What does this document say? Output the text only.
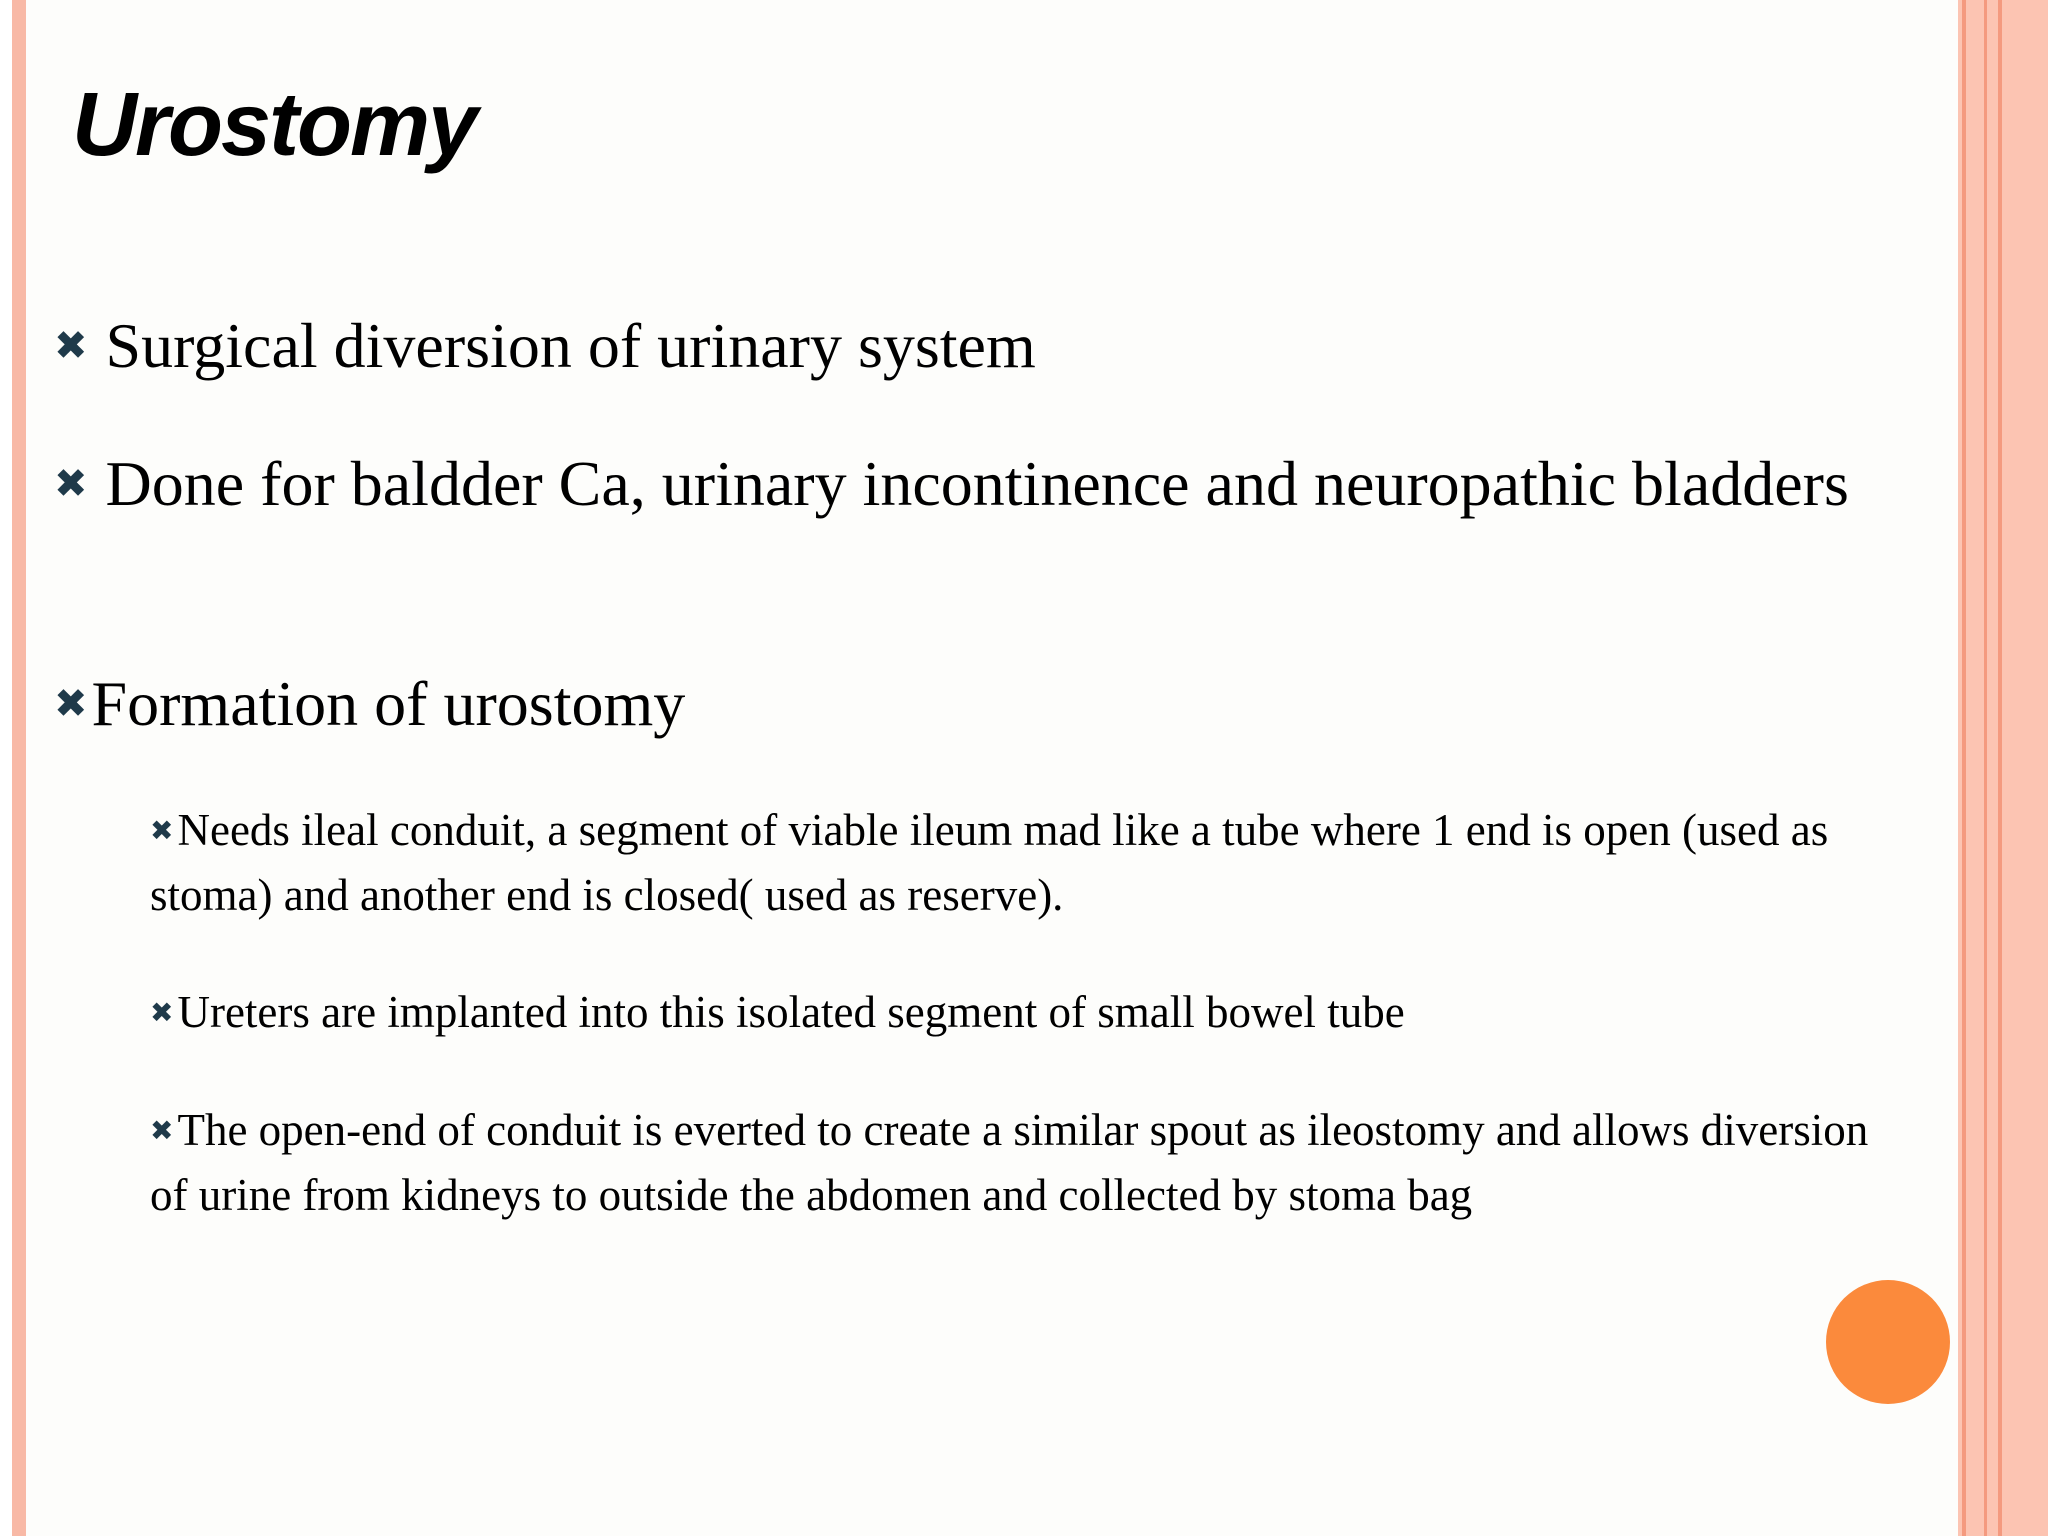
Urostomy
✖ Surgical diversion of urinary system
✖ Done for baldder Ca, urinary incontinence and neuropathic bladders
✖Formation of urostomy
✖Needs ileal conduit, a segment of viable ileum mad like a tube where 1 end is open (used as stoma) and another end is closed( used as reserve).
✖Ureters are implanted into this isolated segment of small bowel tube
✖The open-end of conduit is everted to create a similar spout as ileostomy and allows diversion of urine from kidneys to outside the abdomen and collected by stoma bag
